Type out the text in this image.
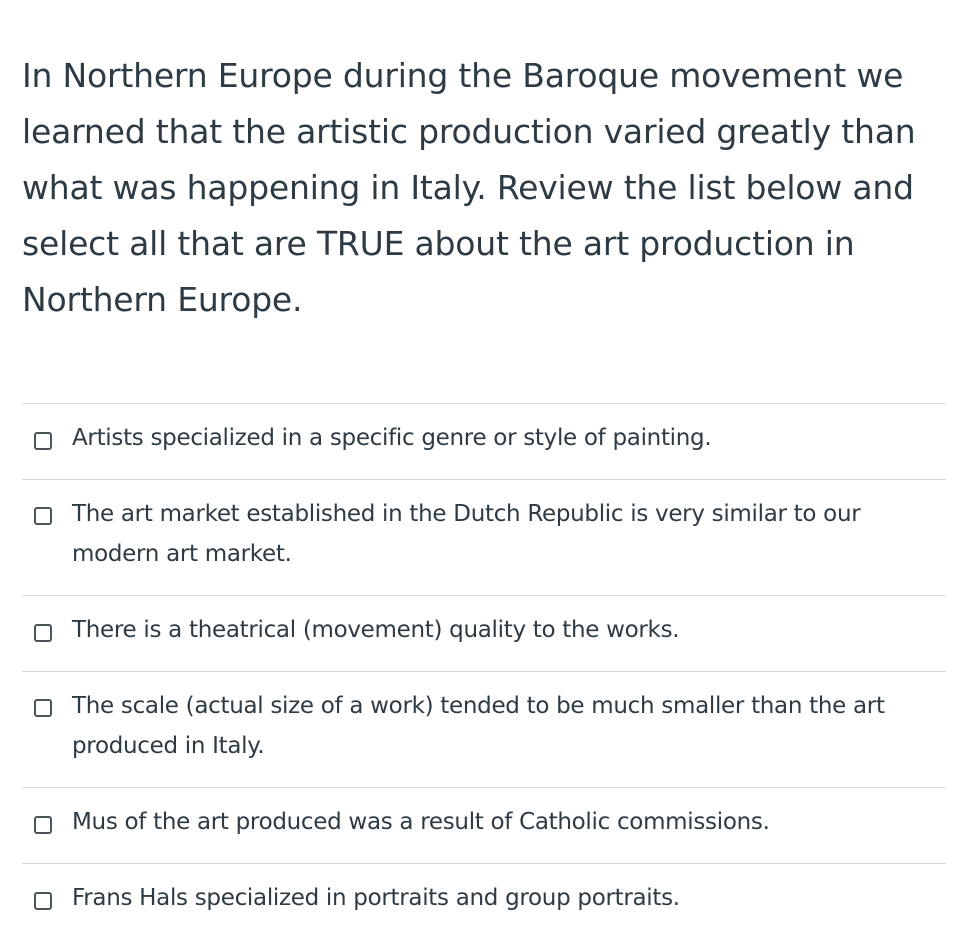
In Northern Europe during the Baroque movement we learned that the artistic production varied greatly than what was happening in Italy. Review the list below and select all that are TRUE about the art production in Northern Europe.

Artists specialized in a specific genre or style of painting.
The art market established in the Dutch Republic is very similar to our modern art market.
There is a theatrical (movement) quality to the works.
The scale (actual size of a work) tended to be much smaller than the art produced in Italy.
Mus of the art produced was a result of Catholic commissions.
Frans Hals specialized in portraits and group portraits.
